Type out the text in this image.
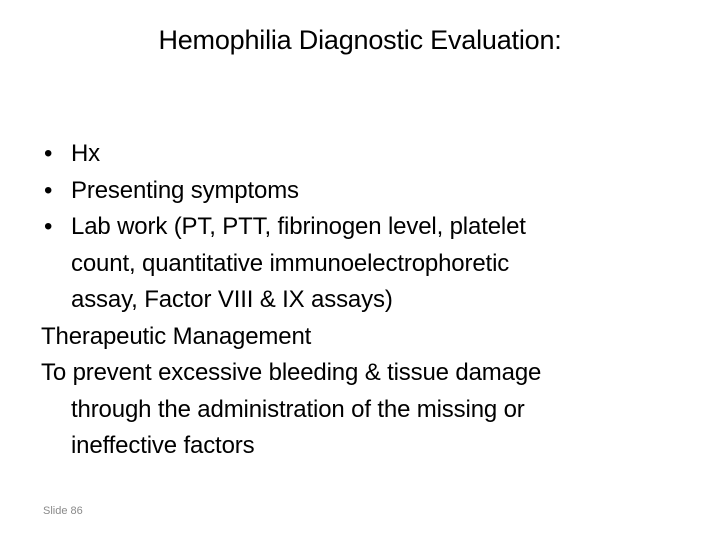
Hemophilia Diagnostic Evaluation:
• Hx
• Presenting symptoms
• Lab work (PT, PTT, fibrinogen level, platelet
count, quantitative immunoelectrophoretic
assay, Factor VIII & IX assays)
Therapeutic Management
To prevent excessive bleeding & tissue damage
through the administration of the missing or
ineffective factors
Slide 86
